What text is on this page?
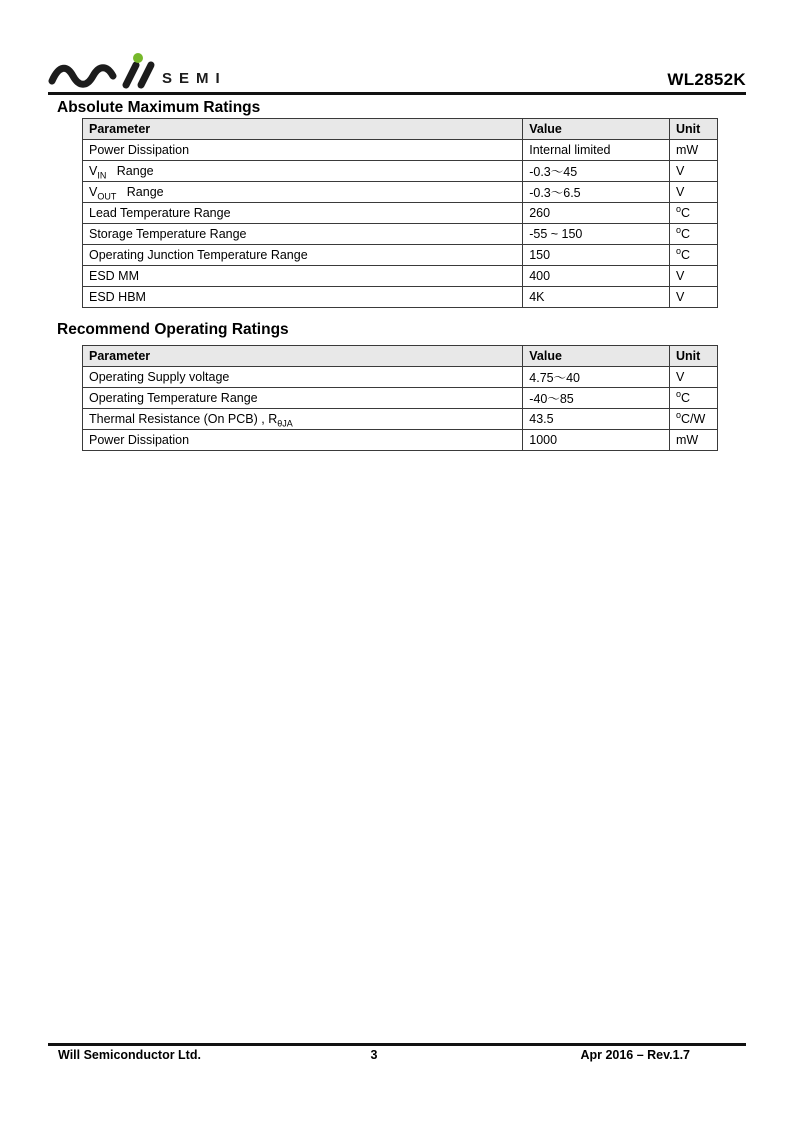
SEMI	WL2852K
Absolute Maximum Ratings
Parameter	Value	Unit
Power Dissipation	Internal limited	mW
$V_{IN}$   Range	-0.3～45	V
$V_{OUT}$   Range	-0.3～6.5	V
Lead Temperature Range	260	$^o$C
Storage Temperature Range	-55 ~ 150	$^o$C
Operating Junction Temperature Range	150	$^o$C
ESD MM	400	V
ESD HBM	4K	V
Recommend Operating Ratings
Parameter	Value	Unit
Operating Supply voltage	4.75～40	V
Operating Temperature Range	-40～85	$^o$C
Thermal Resistance (On PCB) , $R_{\theta JA}$	43.5	$^o$C/W
Power Dissipation	1000	mW
Will Semiconductor Ltd.	3	Apr 2016 – Rev.1.7
